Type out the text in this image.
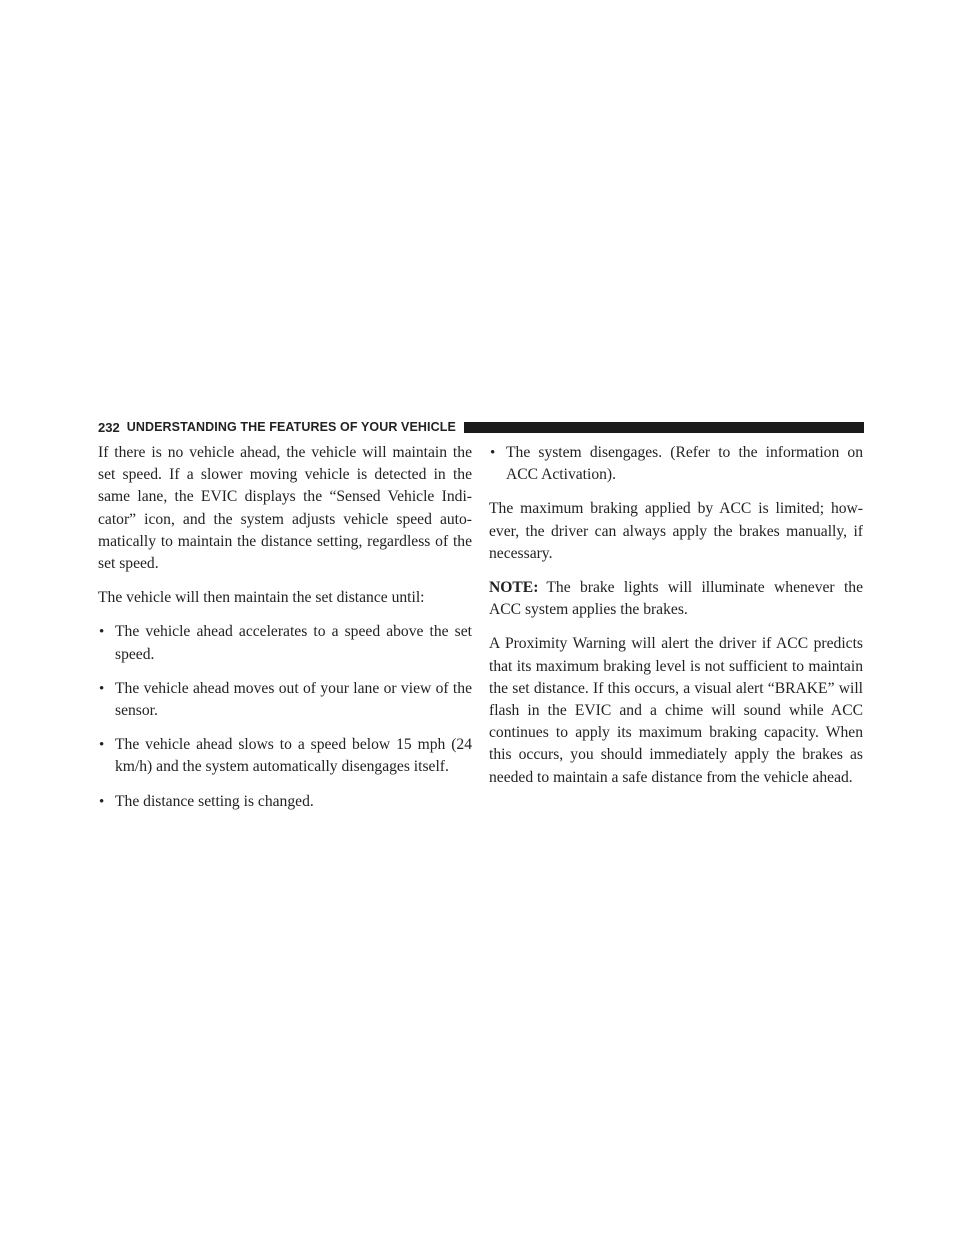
232 UNDERSTANDING THE FEATURES OF YOUR VEHICLE

If there is no vehicle ahead, the vehicle will maintain the set speed. If a slower moving vehicle is detected in the same lane, the EVIC displays the “Sensed Vehicle Indi-cator” icon, and the system adjusts vehicle speed auto-matically to maintain the distance setting, regardless of the set speed.

The vehicle will then maintain the set distance until:

• The vehicle ahead accelerates to a speed above the set speed.
• The vehicle ahead moves out of your lane or view of the sensor.
• The vehicle ahead slows to a speed below 15 mph (24 km/h) and the system automatically disengages itself.
• The distance setting is changed.
• The system disengages. (Refer to the information on ACC Activation).

The maximum braking applied by ACC is limited; how-ever, the driver can always apply the brakes manually, if necessary.

NOTE: The brake lights will illuminate whenever the ACC system applies the brakes.

A Proximity Warning will alert the driver if ACC predicts that its maximum braking level is not sufficient to maintain the set distance. If this occurs, a visual alert “BRAKE” will flash in the EVIC and a chime will sound while ACC continues to apply its maximum braking capacity. When this occurs, you should immediately apply the brakes as needed to maintain a safe distance from the vehicle ahead.
